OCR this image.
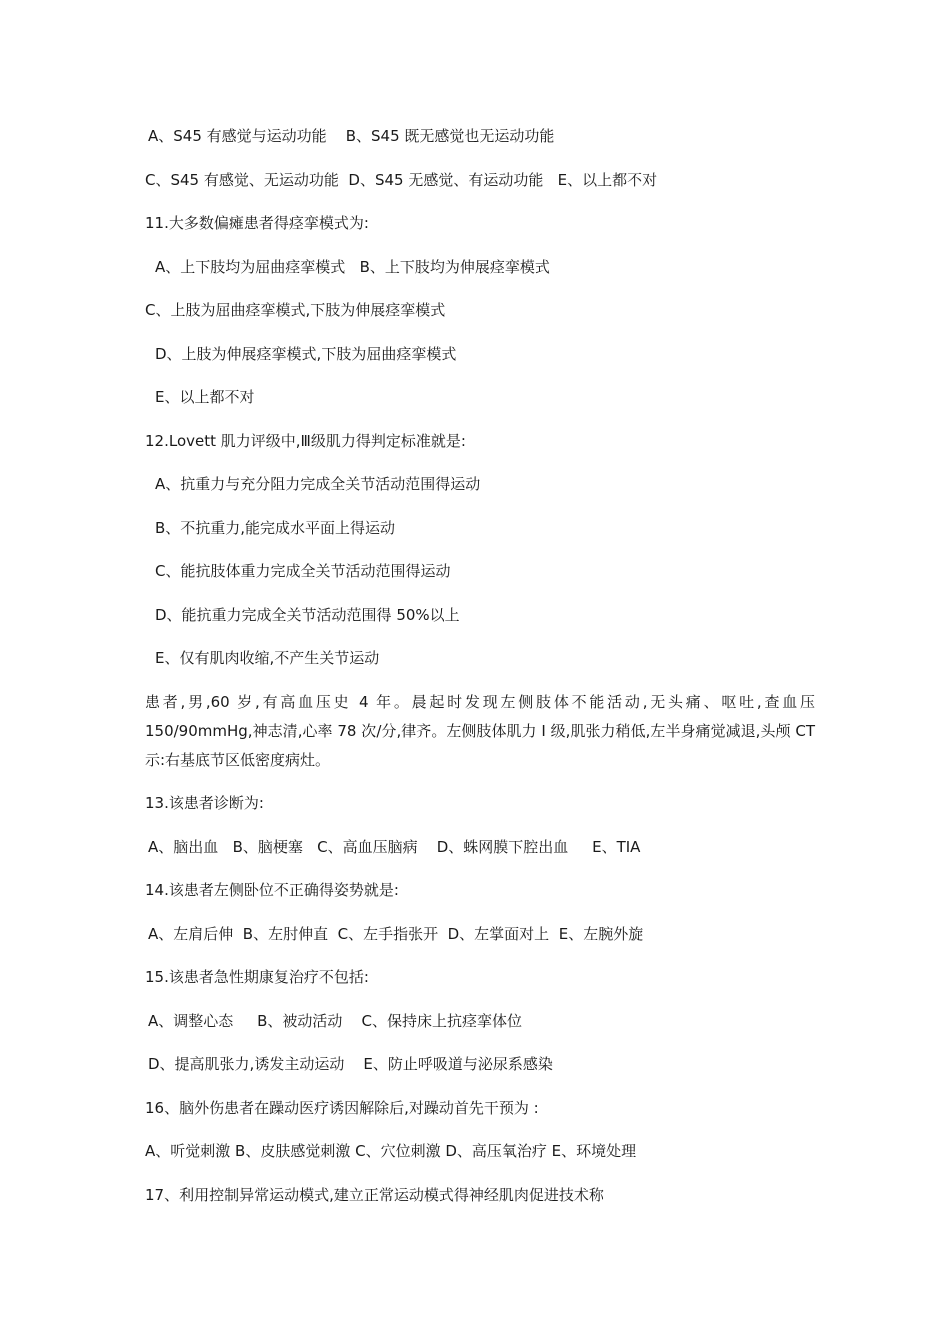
A、S45 有感觉与运动功能    B、S45 既无感觉也无运动功能
C、S45 有感觉、无运动功能  D、S45 无感觉、有运动功能   E、以上都不对
11.大多数偏瘫患者得痉挛模式为:
A、上下肢均为屈曲痉挛模式   B、上下肢均为伸展痉挛模式
C、上肢为屈曲痉挛模式,下肢为伸展痉挛模式
D、上肢为伸展痉挛模式,下肢为屈曲痉挛模式
E、以上都不对
12.Lovett 肌力评级中,Ⅲ级肌力得判定标准就是:
A、抗重力与充分阻力完成全关节活动范围得运动
B、不抗重力,能完成水平面上得运动
C、能抗肢体重力完成全关节活动范围得运动
D、能抗重力完成全关节活动范围得 50%以上
E、仅有肌肉收缩,不产生关节运动
患者,男,60 岁,有高血压史 4 年。晨起时发现左侧肢体不能活动,无头痛、呕吐,查血压 150/90mmHg,神志清,心率 78 次/分,律齐。左侧肢体肌力 I 级,肌张力稍低,左半身痛觉减退,头颅 CT 示:右基底节区低密度病灶。
13.该患者诊断为:
A、脑出血   B、脑梗塞   C、高血压脑病    D、蛛网膜下腔出血     E、TIA
14.该患者左侧卧位不正确得姿势就是:
A、左肩后伸  B、左肘伸直  C、左手指张开  D、左掌面对上  E、左腕外旋
15.该患者急性期康复治疗不包括:
A、调整心态     B、被动活动    C、保持床上抗痉挛体位
D、提高肌张力,诱发主动运动    E、防止呼吸道与泌尿系感染
16、脑外伤患者在躁动医疗诱因解除后,对躁动首先干预为 :
A、听觉刺激 B、皮肤感觉刺激 C、穴位刺激 D、高压氧治疗 E、环境处理
17、利用控制异常运动模式,建立正常运动模式得神经肌肉促进技术称
